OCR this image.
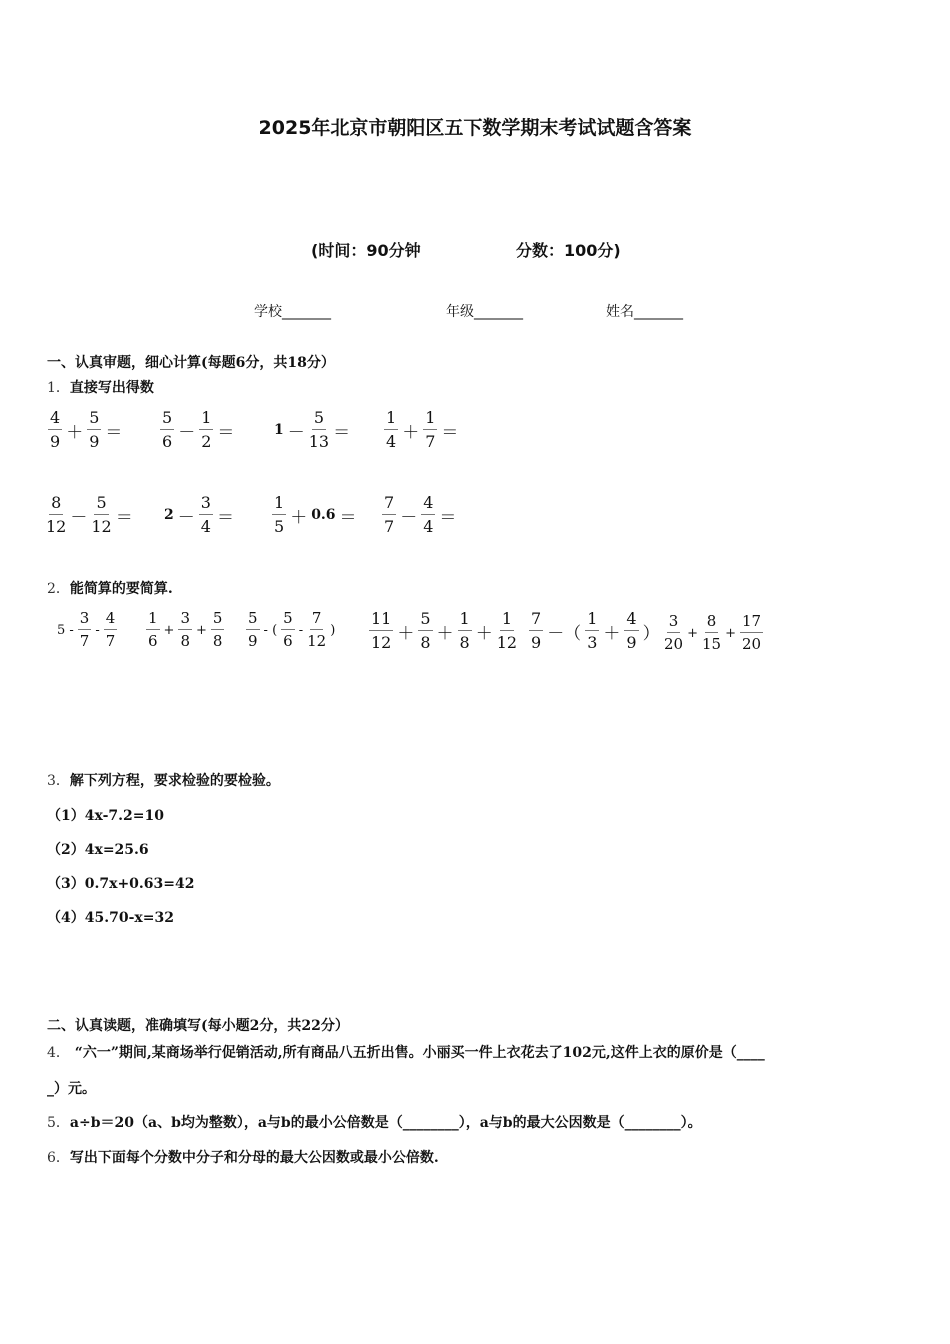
2025年北京市朝阳区五下数学期末考试试题含答案
(时间：90分钟	分数：100分)
学校_______	年级_______	姓名_______
一、认真审题，细心计算(每题6分，共18分）
1．直接写出得数
$\frac{4}{9} + \frac{5}{9} = \frac{5}{6} - \frac{1}{2}$ ＝	$1 - \frac{5}{13} = \frac{1}{4} + \frac{1}{7}$ ＝
$\frac{8}{12} - \frac{5}{12} = 2 - \frac{3}{4} = \frac{1}{5} + 0.6 = \frac{7}{7} - \frac{4}{4}$ ＝
2．能简算的要简算.
$5 - \frac{3}{7} - \frac{4}{7} \frac{1}{6} + \frac{3}{8} + \frac{5}{8} \frac{5}{9}$ - ( $\frac{5}{6} - \frac{7}{12}$ ) $\frac{11}{12} + \frac{5}{8} + \frac{1}{8} + \frac{1}{12} \frac{7}{9}$ －（ $\frac{1}{3} + \frac{4}{9}$ ） $\frac{3}{20} + \frac{8}{15} + \frac{17}{20}$
3．解下列方程，要求检验的要检验。
（1）4x-7.2=10
（2）4x=25.6
（3）0.7x+0.63=42
（4）45.70-x=32
二、认真读题，准确填写(每小题2分，共22分）
4． “六一”期间,某商场举行促销活动,所有商品八五折出售。小丽买一件上衣花去了102元,这件上衣的原价是（____
_）元。
5．a÷b＝20（a、b均为整数），a与b的最小公倍数是（________），a与b的最大公因数是（________）。
6．写出下面每个分数中分子和分母的最大公因数或最小公倍数.
